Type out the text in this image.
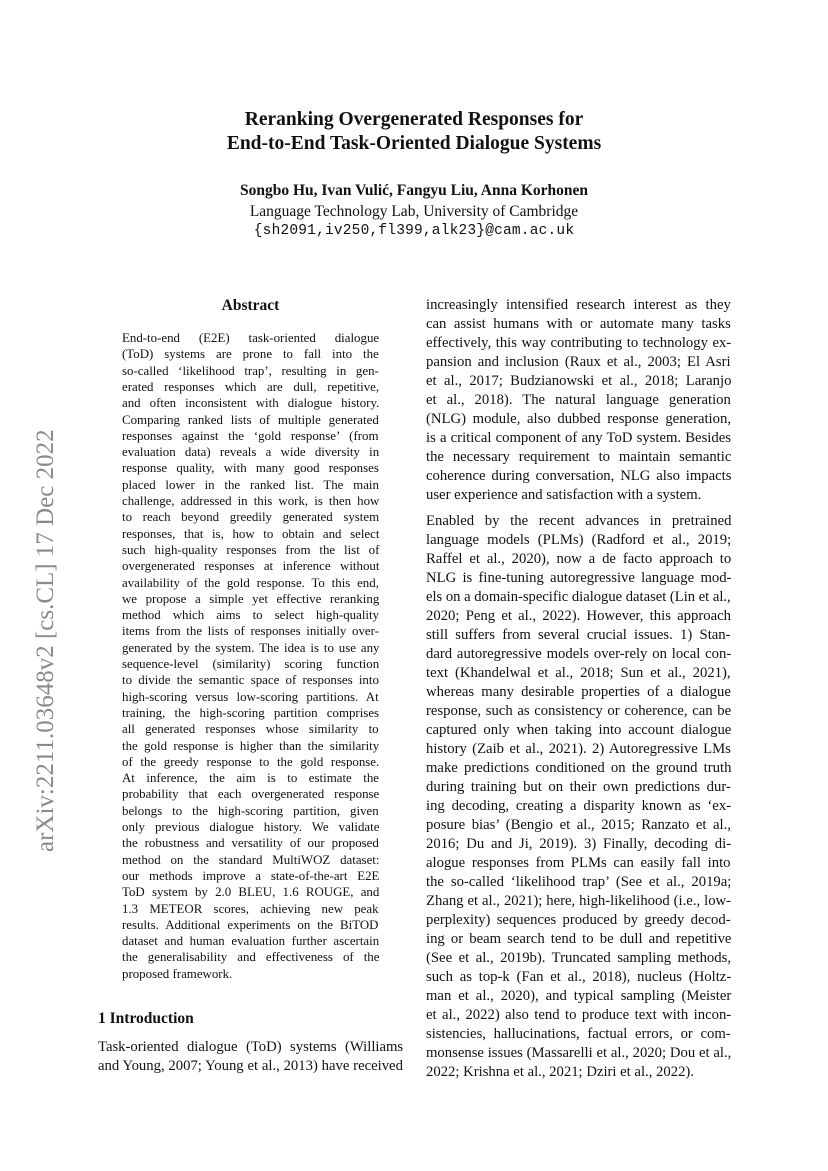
arXiv:2211.03648v2 [cs.CL] 17 Dec 2022
Reranking Overgenerated Responses for
End-to-End Task-Oriented Dialogue Systems
Songbo Hu, Ivan Vulić, Fangyu Liu, Anna Korhonen
Language Technology Lab, University of Cambridge
{sh2091,iv250,fl399,alk23}@cam.ac.uk
Abstract
End-to-end (E2E) task-oriented dialogue
(ToD) systems are prone to fall into the
so-called ‘likelihood trap’, resulting in gen-
erated responses which are dull, repetitive,
and often inconsistent with dialogue history.
Comparing ranked lists of multiple generated
responses against the ‘gold response’ (from
evaluation data) reveals a wide diversity in
response quality, with many good responses
placed lower in the ranked list. The main
challenge, addressed in this work, is then how
to reach beyond greedily generated system
responses, that is, how to obtain and select
such high-quality responses from the list of
overgenerated responses at inference without
availability of the gold response. To this end,
we propose a simple yet effective reranking
method which aims to select high-quality
items from the lists of responses initially over-
generated by the system. The idea is to use any
sequence-level (similarity) scoring function
to divide the semantic space of responses into
high-scoring versus low-scoring partitions. At
training, the high-scoring partition comprises
all generated responses whose similarity to
the gold response is higher than the similarity
of the greedy response to the gold response.
At inference, the aim is to estimate the
probability that each overgenerated response
belongs to the high-scoring partition, given
only previous dialogue history. We validate
the robustness and versatility of our proposed
method on the standard MultiWOZ dataset:
our methods improve a state-of-the-art E2E
ToD system by 2.0 BLEU, 1.6 ROUGE, and
1.3 METEOR scores, achieving new peak
results. Additional experiments on the BiTOD
dataset and human evaluation further ascertain
the generalisability and effectiveness of the
proposed framework.
1 Introduction
Task-oriented dialogue (ToD) systems (Williams
and Young, 2007; Young et al., 2013) have received
increasingly intensified research interest as they
can assist humans with or automate many tasks
effectively, this way contributing to technology ex-
pansion and inclusion (Raux et al., 2003; El Asri
et al., 2017; Budzianowski et al., 2018; Laranjo
et al., 2018). The natural language generation
(NLG) module, also dubbed response generation,
is a critical component of any ToD system. Besides
the necessary requirement to maintain semantic
coherence during conversation, NLG also impacts
user experience and satisfaction with a system.
Enabled by the recent advances in pretrained
language models (PLMs) (Radford et al., 2019;
Raffel et al., 2020), now a de facto approach to
NLG is fine-tuning autoregressive language mod-
els on a domain-specific dialogue dataset (Lin et al.,
2020; Peng et al., 2022). However, this approach
still suffers from several crucial issues. 1) Stan-
dard autoregressive models over-rely on local con-
text (Khandelwal et al., 2018; Sun et al., 2021),
whereas many desirable properties of a dialogue
response, such as consistency or coherence, can be
captured only when taking into account dialogue
history (Zaib et al., 2021). 2) Autoregressive LMs
make predictions conditioned on the ground truth
during training but on their own predictions dur-
ing decoding, creating a disparity known as ‘ex-
posure bias’ (Bengio et al., 2015; Ranzato et al.,
2016; Du and Ji, 2019). 3) Finally, decoding di-
alogue responses from PLMs can easily fall into
the so-called ‘likelihood trap’ (See et al., 2019a;
Zhang et al., 2021); here, high-likelihood (i.e., low-
perplexity) sequences produced by greedy decod-
ing or beam search tend to be dull and repetitive
(See et al., 2019b). Truncated sampling methods,
such as top-k (Fan et al., 2018), nucleus (Holtz-
man et al., 2020), and typical sampling (Meister
et al., 2022) also tend to produce text with incon-
sistencies, hallucinations, factual errors, or com-
monsense issues (Massarelli et al., 2020; Dou et al.,
2022; Krishna et al., 2021; Dziri et al., 2022).
